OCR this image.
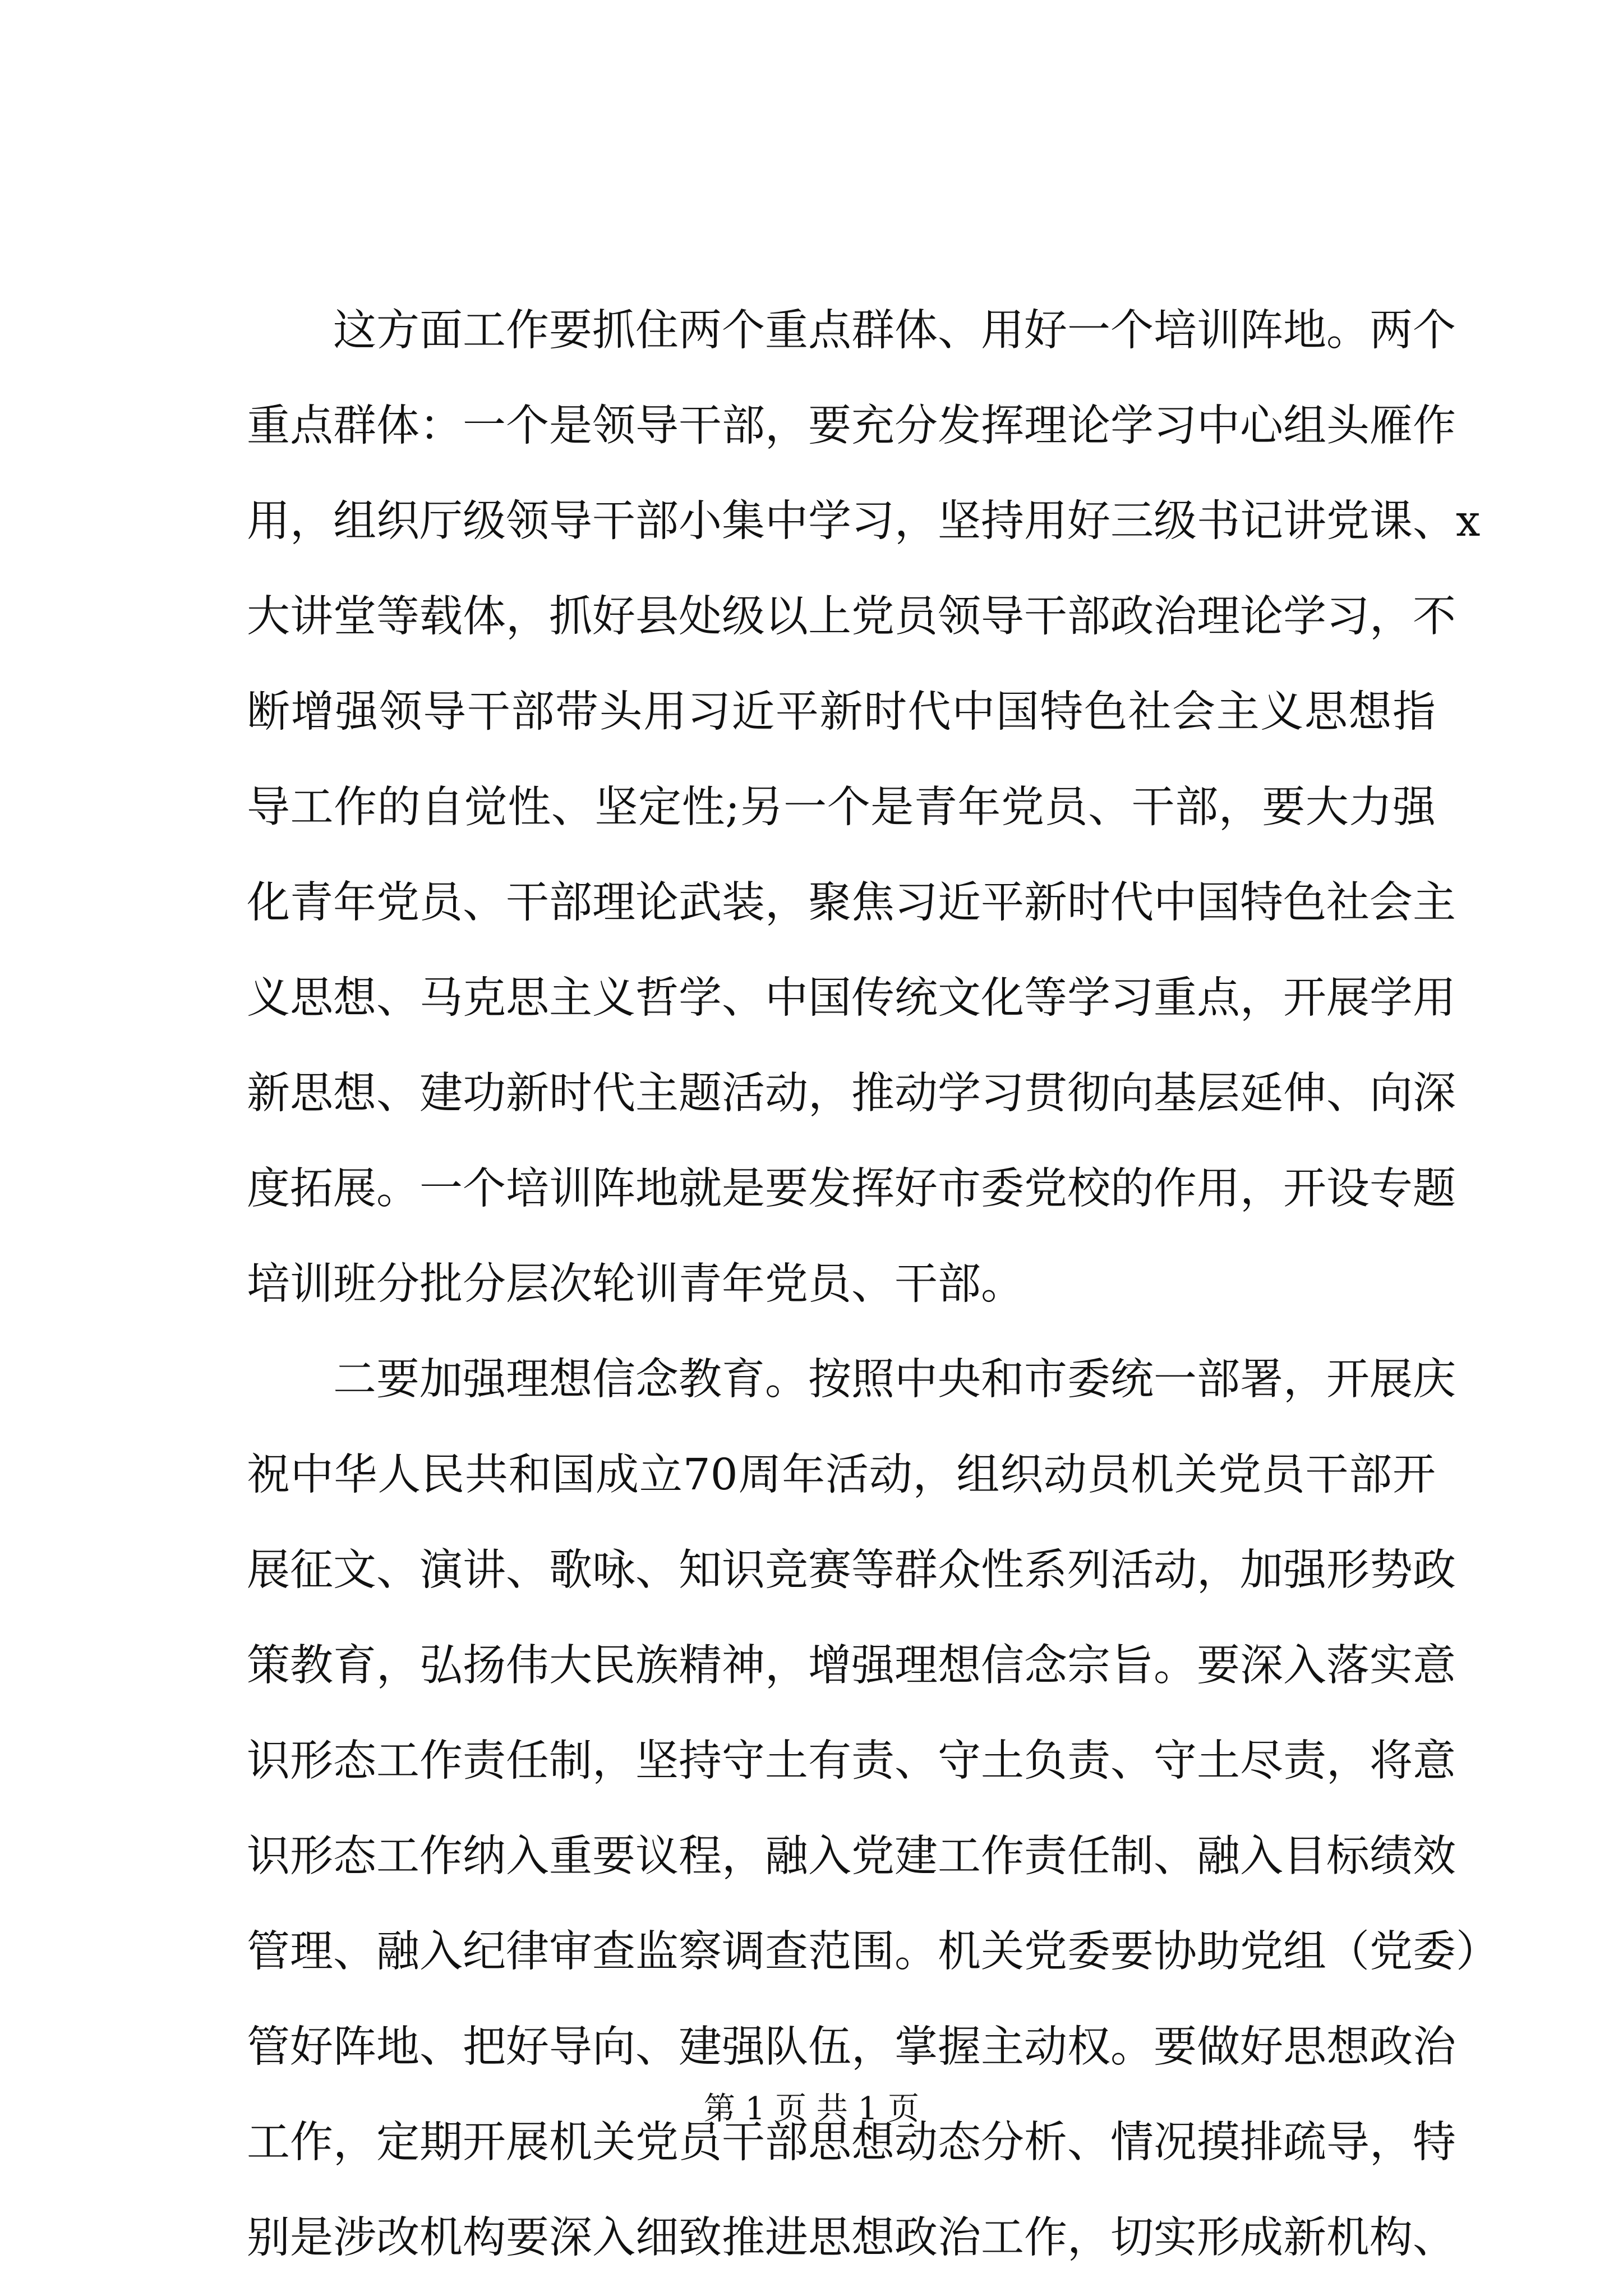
这方面工作要抓住两个重点群体、用好一个培训阵地。两个
重点群体：一个是领导干部，要充分发挥理论学习中心组头雁作
用，组织厅级领导干部小集中学习，坚持用好三级书记讲党课、x
大讲堂等载体，抓好县处级以上党员领导干部政治理论学习，不
断增强领导干部带头用习近平新时代中国特色社会主义思想指
导工作的自觉性、坚定性;另一个是青年党员、干部，要大力强
化青年党员、干部理论武装，聚焦习近平新时代中国特色社会主
义思想、马克思主义哲学、中国传统文化等学习重点，开展学用
新思想、建功新时代主题活动，推动学习贯彻向基层延伸、向深
度拓展。一个培训阵地就是要发挥好市委党校的作用，开设专题
培训班分批分层次轮训青年党员、干部。
二要加强理想信念教育。按照中央和市委统一部署，开展庆
祝中华人民共和国成立70周年活动，组织动员机关党员干部开
展征文、演讲、歌咏、知识竞赛等群众性系列活动，加强形势政
策教育，弘扬伟大民族精神，增强理想信念宗旨。要深入落实意
识形态工作责任制，坚持守土有责、守土负责、守土尽责，将意
识形态工作纳入重要议程，融入党建工作责任制、融入目标绩效
管理、融入纪律审查监察调查范围。机关党委要协助党组（党委）
管好阵地、把好导向、建强队伍，掌握主动权。要做好思想政治
工作，定期开展机关党员干部思想动态分析、情况摸排疏导，特
别是涉改机构要深入细致推进思想政治工作，切实形成新机构、
第 1 页 共 1 页
